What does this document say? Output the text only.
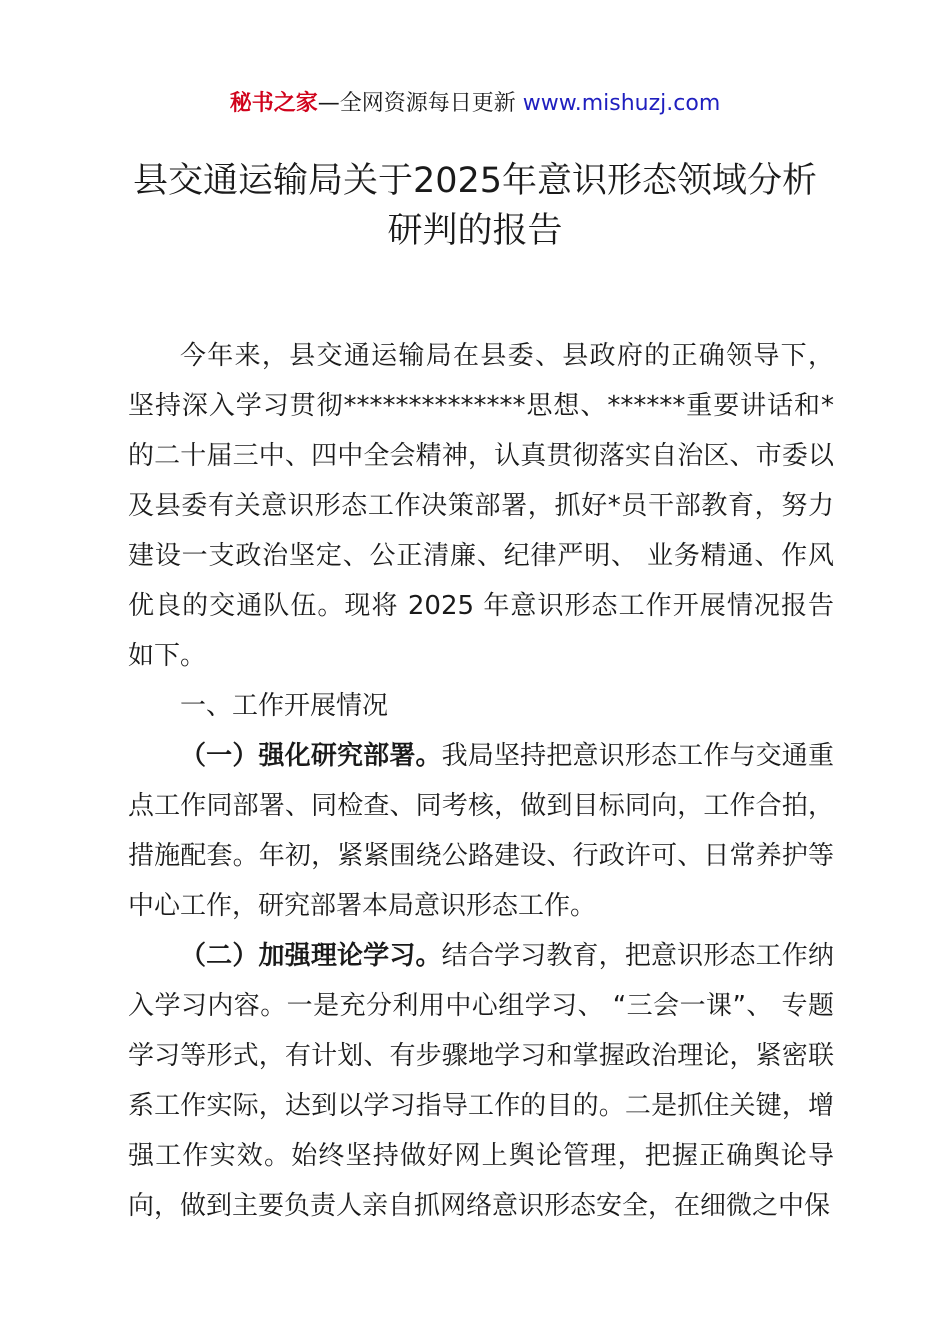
秘书之家—全网资源每日更新 www.mishuzj.com
县交通运输局关于2025年意识形态领域分析
研判的报告

今年来，县交通运输局在县委、县政府的正确领导下， 坚持深入学习贯彻**************思想、******重要讲话和*的二十届三中、四中全会精神，认真贯彻落实自治区、市委以及县委有关意识形态工作决策部署，抓好*员干部教育，努力建设一支政治坚定、公正清廉、纪律严明、 业务精通、作风优良的交通队伍。现将 2025 年意识形态工作开展情况报告如下。

一、工作开展情况

（一）强化研究部署。我局坚持把意识形态工作与交通重点工作同部署、同检查、同考核，做到目标同向，工作合拍，措施配套。年初，紧紧围绕公路建设、行政许可、日常养护等中心工作，研究部署本局意识形态工作。

（二）加强理论学习。结合学习教育，把意识形态工作纳入学习内容。一是充分利用中心组学习、 “三会一课”、 专题学习等形式，有计划、有步骤地学习和掌握政治理论，紧密联系工作实际，达到以学习指导工作的目的。二是抓住关键，增强工作实效。始终坚持做好网上舆论管理，把握正确舆论导向，做到主要负责人亲自抓网络意识形态安全，在细微之中保
